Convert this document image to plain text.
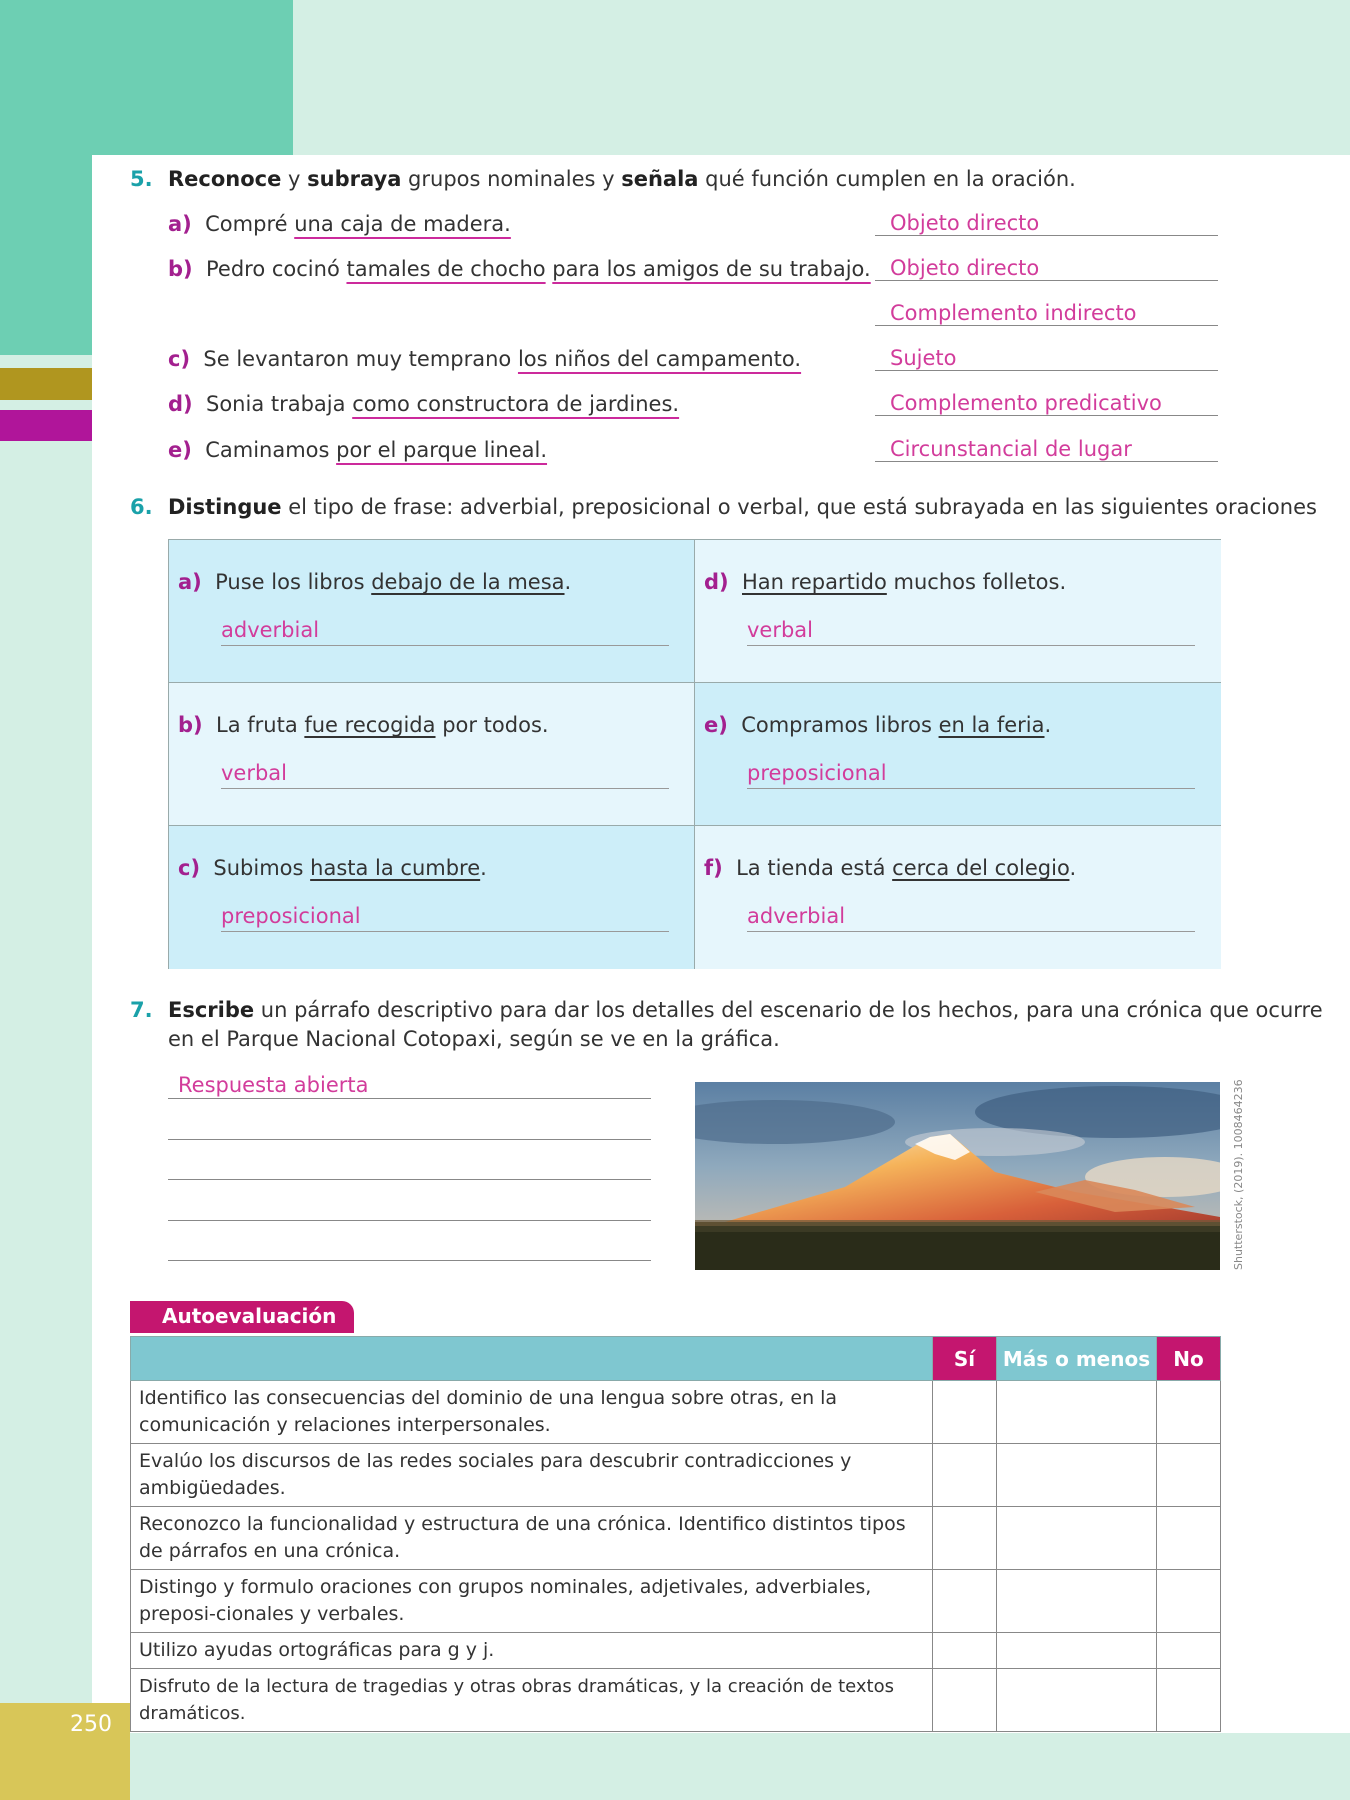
250
5. Reconoce y subraya grupos nominales y señala qué función cumplen en la oración.
a) Compré una caja de madera.	Objeto directo
b) Pedro cocinó tamales de chocho para los amigos de su trabajo. Objeto directo
Complemento indirecto
c) Se levantaron muy temprano los niños del campamento.	Sujeto
d) Sonia trabaja como constructora de jardines.	Complemento predicativo
e) Caminamos por el parque lineal.	Circunstancial de lugar
6. Distingue el tipo de frase: adverbial, preposicional o verbal, que está subrayada en las siguientes oraciones
a) Puse los libros debajo de la mesa.
adverbial
d) Han repartido muchos folletos.
verbal
b) La fruta fue recogida por todos.
verbal
e) Compramos libros en la feria.
preposicional
c) Subimos hasta la cumbre.
preposicional
f) La tienda está cerca del colegio.
adverbial
7. Escribe un párrafo descriptivo para dar los detalles del escenario de los hechos, para una crónica que ocurre
en el Parque Nacional Cotopaxi, según se ve en la gráfica.
Respuesta abierta	Shutterstock, (2019). 1008464236
Autoevaluación
	Sí	Más o menos	No
Identifico las consecuencias del dominio de una lengua sobre otras, en la comunicación y relaciones interpersonales.			
Evalúo los discursos de las redes sociales para descubrir contradicciones y ambigüedades.			
Reconozco la funcionalidad y estructura de una crónica. Identifico distintos tipos de párrafos en una crónica.			
Distingo y formulo oraciones con grupos nominales, adjetivales, adverbiales, preposi-cionales y verbales.			
Utilizo ayudas ortográficas para g y j.			
Disfruto de la lectura de tragedias y otras obras dramáticas, y la creación de textos dramáticos.			
